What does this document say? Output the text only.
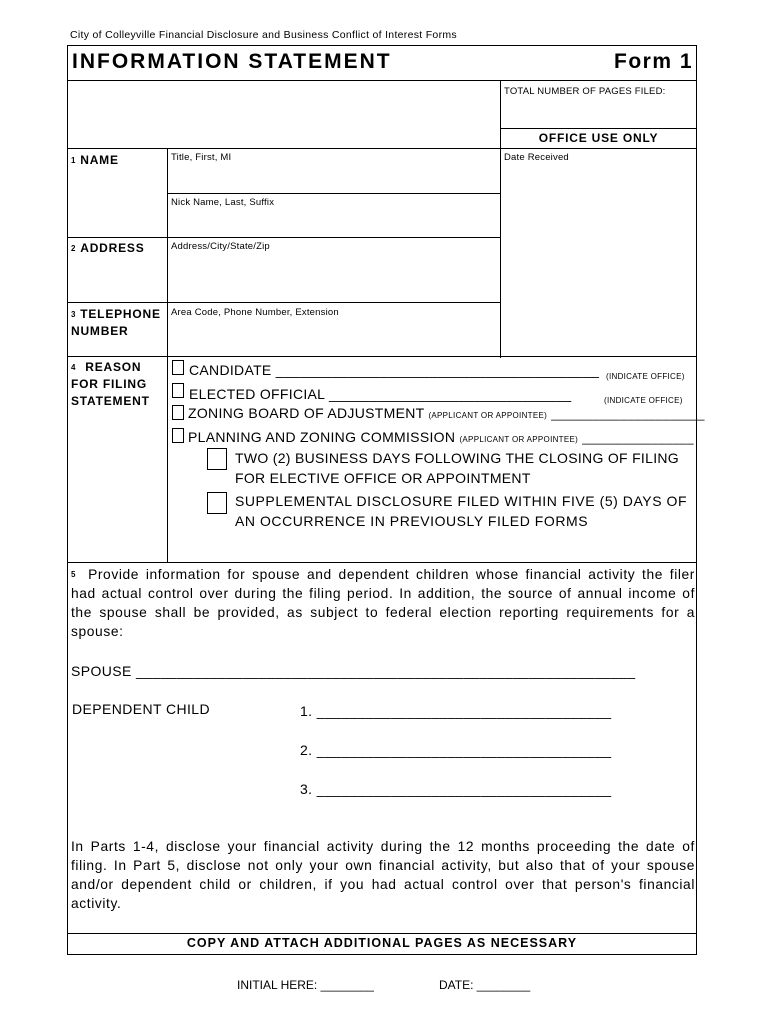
City of Colleyville Financial Disclosure and Business Conflict of Interest Forms
INFORMATION STATEMENT	Form 1
TOTAL NUMBER OF PAGES FILED:
OFFICE USE ONLY
Date Received
$^1$ NAME	Title, First, MI
Nick Name, Last, Suffix
$^2$ ADDRESS	Address/City/State/Zip
$^3$ TELEPHONE
NUMBER
Area Code, Phone Number, Extension
$^4$ REASON
FOR FILING
STATEMENT
CANDIDATE ________________________________________ (INDICATE OFFICE)
ELECTED OFFICIAL ______________________________	(INDICATE OFFICE)
ZONING BOARD OF ADJUSTMENT (APPLICANT OR APPOINTEE) ______________________
PLANNING AND ZONING COMMISSION (APPLICANT OR APPOINTEE) ________________
TWO (2) BUSINESS DAYS FOLLOWING THE CLOSING OF FILING
FOR ELECTIVE OFFICE OR APPOINTMENT
SUPPLEMENTAL DISCLOSURE FILED WITHIN FIVE (5) DAYS OF
AN OCCURRENCE IN PREVIOUSLY FILED FORMS
$^5$ Provide information for spouse and dependent children whose financial activity the filer had actual control over during the filing period. In addition, the source of annual income of the spouse shall be provided, as subject to federal election reporting requirements for a spouse:
SPOUSE _____________________________________________________________
DEPENDENT CHILD	1. ____________________________________
2. ____________________________________
3. ____________________________________
In Parts 1-4, disclose your financial activity during the 12 months proceeding the date of filing. In Part 5, disclose not only your own financial activity, but also that of your spouse and/or dependent child or children, if you had actual control over that person's financial activity.
COPY AND ATTACH ADDITIONAL PAGES AS NECESSARY
INITIAL HERE: ________	DATE: ________
